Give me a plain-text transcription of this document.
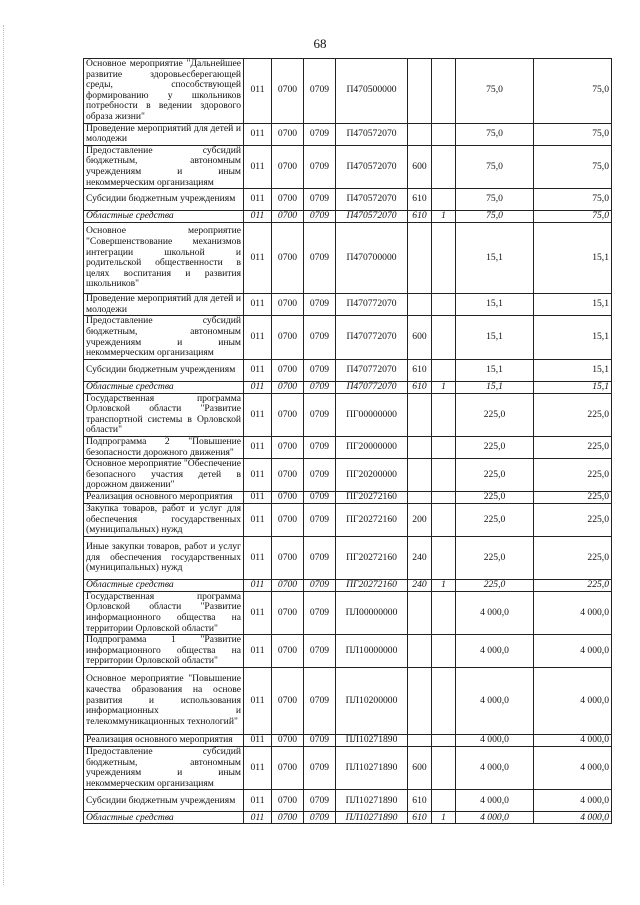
68
Основное мероприятие "Дальнейшее развитие здоровьесберегающей среды, способствующей формированию у школьников потребности в ведении здорового образа жизни"	011	0700	0709	П470500000			75,0	75,0
Проведение мероприятий для детей и молодежи	011	0700	0709	П470572070			75,0	75,0
Предоставление субсидий бюджетным, автономным учреждениям и иным некоммерческим организациям	011	0700	0709	П470572070	600		75,0	75,0
Субсидии бюджетным учреждениям	011	0700	0709	П470572070	610		75,0	75,0
Областные средства	011	0700	0709	П470572070	610	1	75,0	75,0
Основное мероприятие "Совершенствование механизмов интеграции школьной и родительской общественности в целях воспитания и развития школьников"	011	0700	0709	П470700000			15,1	15,1
Проведение мероприятий для детей и молодежи	011	0700	0709	П470772070			15,1	15,1
Предоставление субсидий бюджетным, автономным учреждениям и иным некоммерческим организациям	011	0700	0709	П470772070	600		15,1	15,1
Субсидии бюджетным учреждениям	011	0700	0709	П470772070	610		15,1	15,1
Областные средства	011	0700	0709	П470772070	610	1	15,1	15,1
Государственная программа Орловской области "Развитие транспортной системы в Орловской области"	011	0700	0709	ПГ00000000			225,0	225,0
Подпрограмма 2 "Повышение безопасности дорожного движения"	011	0700	0709	ПГ20000000			225,0	225,0
Основное мероприятие "Обеспечение безопасного участия детей в дорожном движении"	011	0700	0709	ПГ20200000			225,0	225,0
Реализация основного мероприятия	011	0700	0709	ПГ20272160			225,0	225,0
Закупка товаров, работ и услуг для обеспечения государственных (муниципальных) нужд	011	0700	0709	ПГ20272160	200		225,0	225,0
Иные закупки товаров, работ и услуг для обеспечения государственных (муниципальных) нужд	011	0700	0709	ПГ20272160	240		225,0	225,0
Областные средства	011	0700	0709	ПГ20272160	240	1	225,0	225,0
Государственная программа Орловской области "Развитие информационного общества на территории Орловской области"	011	0700	0709	ПЛ00000000			4 000,0	4 000,0
Подпрограмма 1 "Развитие информационного общества на территории Орловской области"	011	0700	0709	ПЛ10000000			4 000,0	4 000,0
Основное мероприятие "Повышение качества образования на основе развития и использования информационных и телекоммуникационных технологий"	011	0700	0709	ПЛ10200000			4 000,0	4 000,0
Реализация основного мероприятия	011	0700	0709	ПЛ10271890			4 000,0	4 000,0
Предоставление субсидий бюджетным, автономным учреждениям и иным некоммерческим организациям	011	0700	0709	ПЛ10271890	600		4 000,0	4 000,0
Субсидии бюджетным учреждениям	011	0700	0709	ПЛ10271890	610		4 000,0	4 000,0
Областные средства	011	0700	0709	ПЛ10271890	610	1	4 000,0	4 000,0
